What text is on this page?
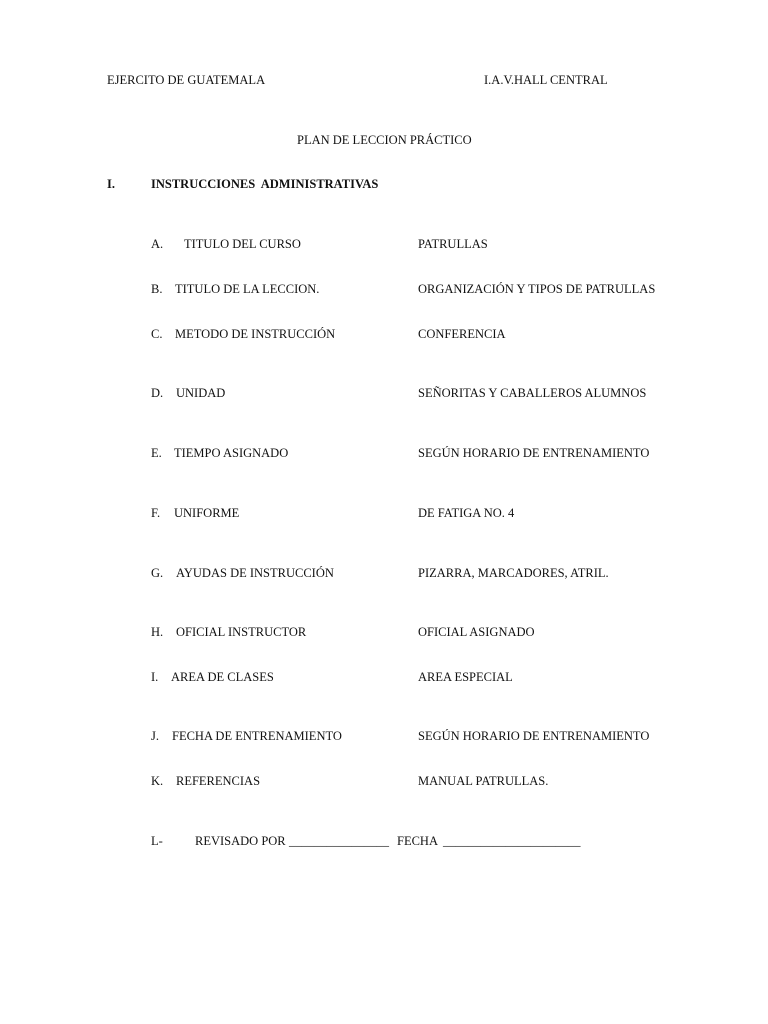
EJERCITO DE GUATEMALA	I.A.V.HALL CENTRAL
PLAN DE LECCION PRÁCTICO
I.	INSTRUCCIONES  ADMINISTRATIVAS
A. TITULO DEL CURSO	PATRULLAS
B. TITULO DE LA LECCION.	ORGANIZACIÓN Y TIPOS DE PATRULLAS
C. METODO DE INSTRUCCIÓN	CONFERENCIA
D. UNIDAD	SEÑORITAS Y CABALLEROS ALUMNOS
E. TIEMPO ASIGNADO	SEGÚN HORARIO DE ENTRENAMIENTO
F. UNIFORME	DE FATIGA NO. 4
G. AYUDAS DE INSTRUCCIÓN	PIZARRA, MARCADORES, ATRIL.
H. OFICIAL INSTRUCTOR	OFICIAL ASIGNADO
I. AREA DE CLASES	AREA ESPECIAL
J. FECHA DE ENTRENAMIENTO	SEGÚN HORARIO DE ENTRENAMIENTO
K. REFERENCIAS	MANUAL PATRULLAS.
L-	REVISADO POR ________________ FECHA ______________________
